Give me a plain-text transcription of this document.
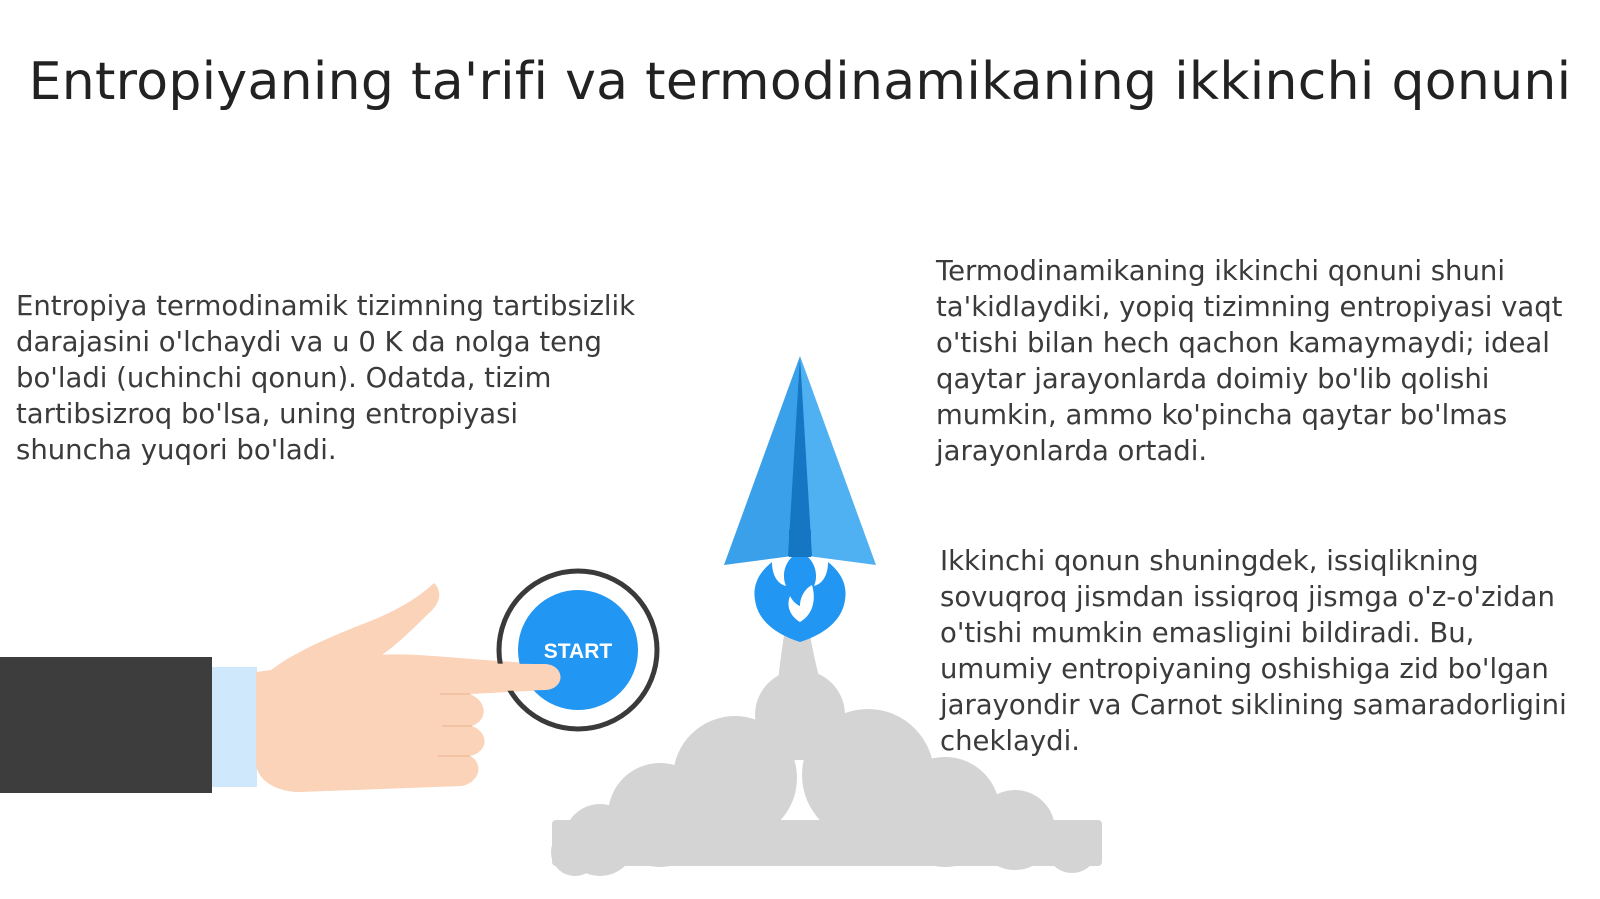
Entropiyaning ta'rifi va termodinamikaning ikkinchi qonuni

Entropiya termodinamik tizimning tartibsizlik darajasini o'lchaydi va u 0 K da nolga teng bo'ladi (uchinchi qonun). Odatda, tizim tartibsizroq bo'lsa, uning entropiyasi shuncha yuqori bo'ladi.

Termodinamikaning ikkinchi qonuni shuni ta'kidlaydiki, yopiq tizimning entropiyasi vaqt o'tishi bilan hech qachon kamaymaydi; ideal qaytar jarayonlarda doimiy bo'lib qolishi mumkin, ammo ko'pincha qaytar bo'lmas jarayonlarda ortadi.

Ikkinchi qonun shuningdek, issiqlikning sovuqroq jismdan issiqroq jismga o'z-o'zidan o'tishi mumkin emasligini bildiradi. Bu, umumiy entropiyaning oshishiga zid bo'lgan jarayondir va Carnot siklining samaradorligini cheklaydi.

START
